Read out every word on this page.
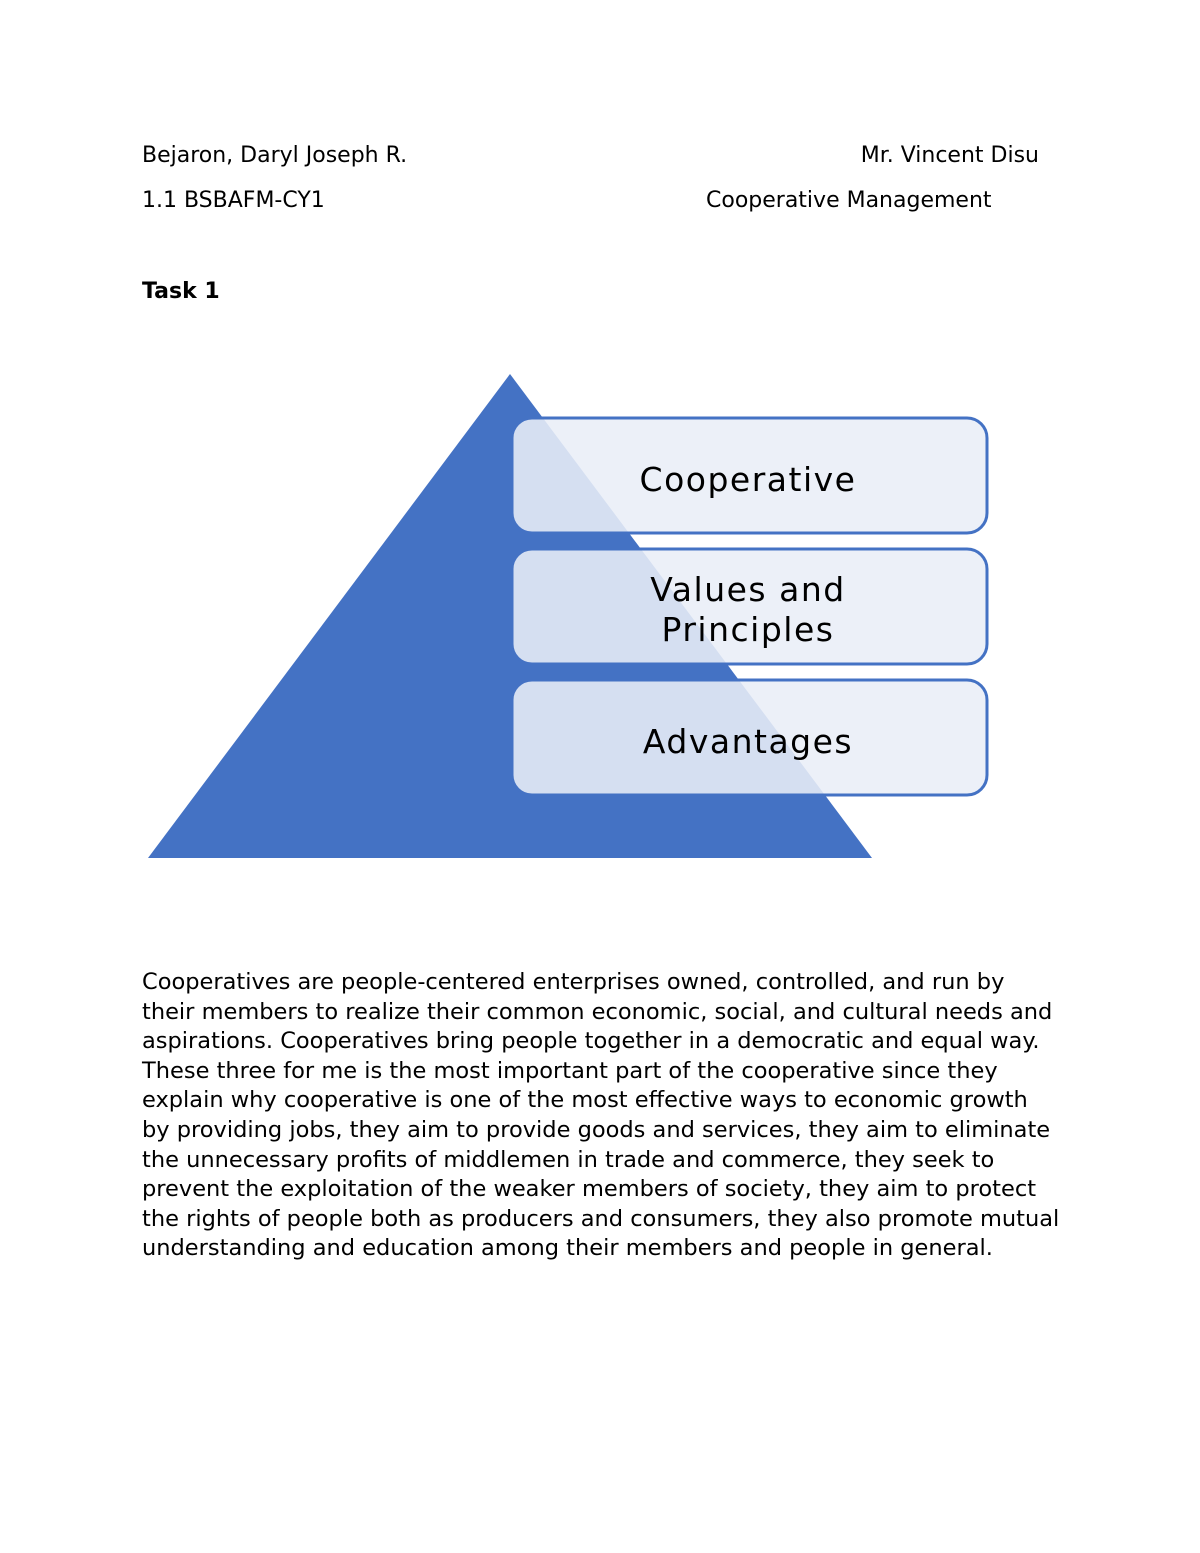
Bejaron, Daryl Joseph R.	Mr. Vincent Disu
1.1 BSBAFM-CY1	Cooperative Management
Task 1
Cooperative
Values and
Principles
Advantages
Cooperatives are people-centered enterprises owned, controlled, and run by their members to realize their common economic, social, and cultural needs and aspirations. Cooperatives bring people together in a democratic and equal way. These three for me is the most important part of the cooperative since they explain why cooperative is one of the most effective ways to economic growth by providing jobs, they aim to provide goods and services, they aim to eliminate the unnecessary profits of middlemen in trade and commerce, they seek to prevent the exploitation of the weaker members of society, they aim to protect the rights of people both as producers and consumers, they also promote mutual understanding and education among their members and people in general.
